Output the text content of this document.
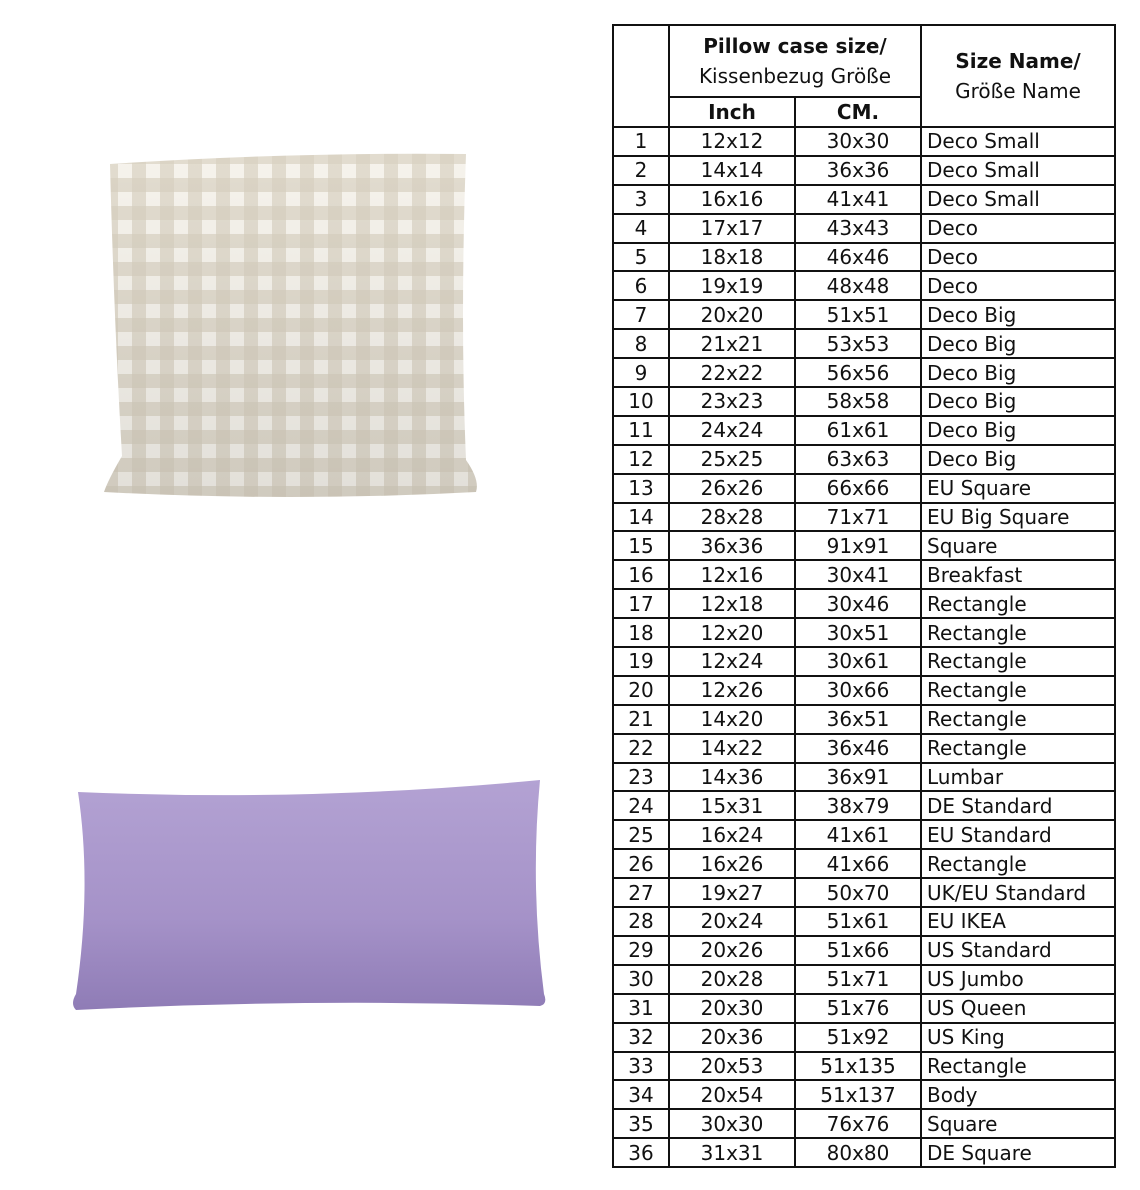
	Pillow case size/
Kissenbezug Größe		Size Name/
Größe Name
	Inch	CM.	
1	12x12	30x30	Deco Small
2	14x14	36x36	Deco Small
3	16x16	41x41	Deco Small
4	17x17	43x43	Deco
5	18x18	46x46	Deco
6	19x19	48x48	Deco
7	20x20	51x51	Deco Big
8	21x21	53x53	Deco Big
9	22x22	56x56	Deco Big
10	23x23	58x58	Deco Big
11	24x24	61x61	Deco Big
12	25x25	63x63	Deco Big
13	26x26	66x66	EU Square
14	28x28	71x71	EU Big Square
15	36x36	91x91	Square
16	12x16	30x41	Breakfast
17	12x18	30x46	Rectangle
18	12x20	30x51	Rectangle
19	12x24	30x61	Rectangle
20	12x26	30x66	Rectangle
21	14x20	36x51	Rectangle
22	14x22	36x46	Rectangle
23	14x36	36x91	Lumbar
24	15x31	38x79	DE Standard
25	16x24	41x61	EU Standard
26	16x26	41x66	Rectangle
27	19x27	50x70	UK/EU Standard
28	20x24	51x61	EU IKEA
29	20x26	51x66	US Standard
30	20x28	51x71	US Jumbo
31	20x30	51x76	US Queen
32	20x36	51x92	US King
33	20x53	51x135	Rectangle
34	20x54	51x137	Body
35	30x30	76x76	Square
36	31x31	80x80	DE Square
